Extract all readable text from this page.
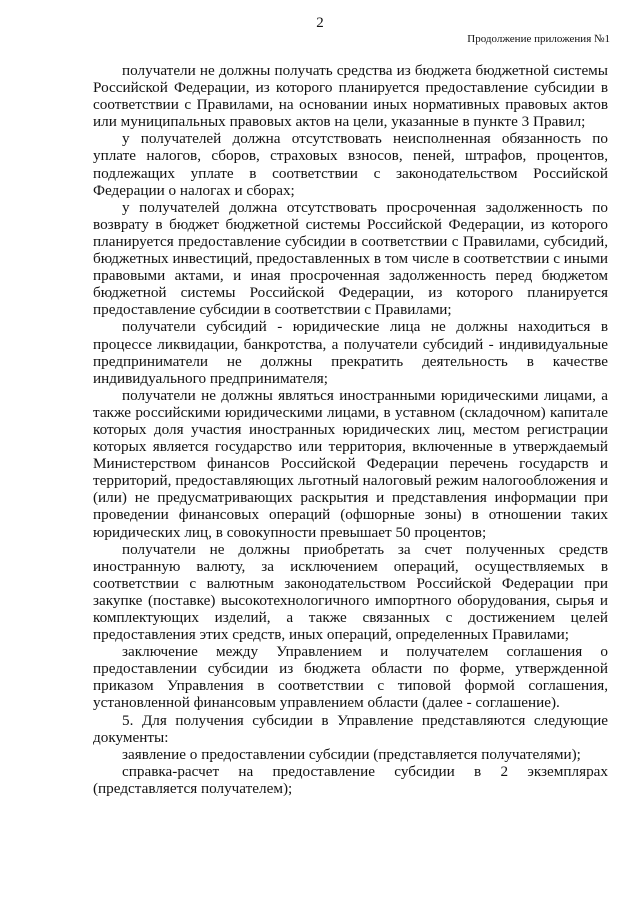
2
Продолжение приложения №1

получатели не должны получать средства из бюджета бюджетной системы Российской Федерации, из которого планируется предоставление субсидии в соответствии с Правилами, на основании иных нормативных правовых актов или муниципальных правовых актов на цели, указанные в пункте 3 Правил;

у получателей должна отсутствовать неисполненная обязанность по уплате налогов, сборов, страховых взносов, пеней, штрафов, процентов, подлежащих уплате в соответствии с законодательством Российской Федерации о налогах и сборах;

у получателей должна отсутствовать просроченная задолженность по возврату в бюджет бюджетной системы Российской Федерации, из которого планируется предоставление субсидии в соответствии с Правилами, субсидий, бюджетных инвестиций, предоставленных в том числе в соответствии с иными правовыми актами, и иная просроченная задолженность перед бюджетом бюджетной системы Российской Федерации, из которого планируется предоставление субсидии в соответствии с Правилами;

получатели субсидий - юридические лица не должны находиться в процессе ликвидации, банкротства, а получатели субсидий - индивидуальные предприниматели не должны прекратить деятельность в качестве индивидуального предпринимателя;

получатели не должны являться иностранными юридическими лицами, а также российскими юридическими лицами, в уставном (складочном) капитале которых доля участия иностранных юридических лиц, местом регистрации которых является государство или территория, включенные в утверждаемый Министерством финансов Российской Федерации перечень государств и территорий, предоставляющих льготный налоговый режим налогообложения и (или) не предусматривающих раскрытия и представления информации при проведении финансовых операций (офшорные зоны) в отношении таких юридических лиц, в совокупности превышает 50 процентов;

получатели не должны приобретать за счет полученных средств иностранную валюту, за исключением операций, осуществляемых в соответствии с валютным законодательством Российской Федерации при закупке (поставке) высокотехнологичного импортного оборудования, сырья и комплектующих изделий, а также связанных с достижением целей предоставления этих средств, иных операций, определенных Правилами;

заключение между Управлением и получателем соглашения о предоставлении субсидии из бюджета области по форме, утвержденной приказом Управления в соответствии с типовой формой соглашения, установленной финансовым управлением области (далее - соглашение).

5. Для получения субсидии в Управление представляются следующие документы:

заявление о предоставлении субсидии (представляется получателями);

справка-расчет на предоставление субсидии в 2 экземплярах (представляется получателем);
